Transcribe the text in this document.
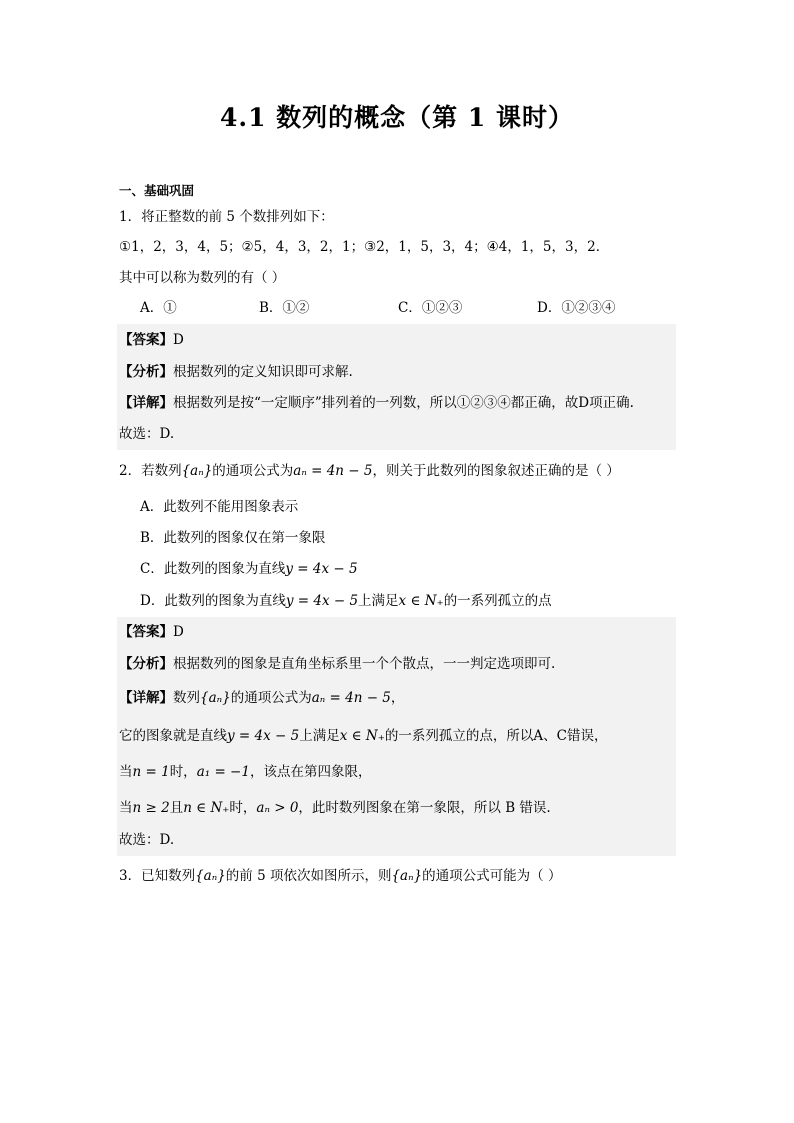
4.1 数列的概念（第 1 课时）
一、基础巩固
1．将正整数的前 5 个数排列如下：
①1，2，3，4，5；②5，4，3，2，1；③2，1，5，3，4；④4，1，5，3，2．
其中可以称为数列的有（ ）
A．①	B．①②	C．①②③	D．①②③④
【答案】D
【分析】根据数列的定义知识即可求解.
【详解】根据数列是按“一定顺序”排列着的一列数，所以①②③④都正确，故D项正确.
故选：D.
2．若数列{aₙ}的通项公式为aₙ = 4n − 5，则关于此数列的图象叙述正确的是（ ）
A．此数列不能用图象表示
B．此数列的图象仅在第一象限
C．此数列的图象为直线y = 4x − 5
D．此数列的图象为直线y = 4x − 5上满足x ∈ N₊的一系列孤立的点
【答案】D
【分析】根据数列的图象是直角坐标系里一个个散点，一一判定选项即可.
【详解】数列{aₙ}的通项公式为aₙ = 4n − 5，
它的图象就是直线y = 4x − 5上满足x ∈ N₊的一系列孤立的点，所以A、C错误，
当n = 1时，a₁ = −1，该点在第四象限，
当n ≥ 2且n ∈ N₊时，aₙ > 0，此时数列图象在第一象限，所以 B 错误.
故选：D.
3．已知数列{aₙ}的前 5 项依次如图所示，则{aₙ}的通项公式可能为（ ）
